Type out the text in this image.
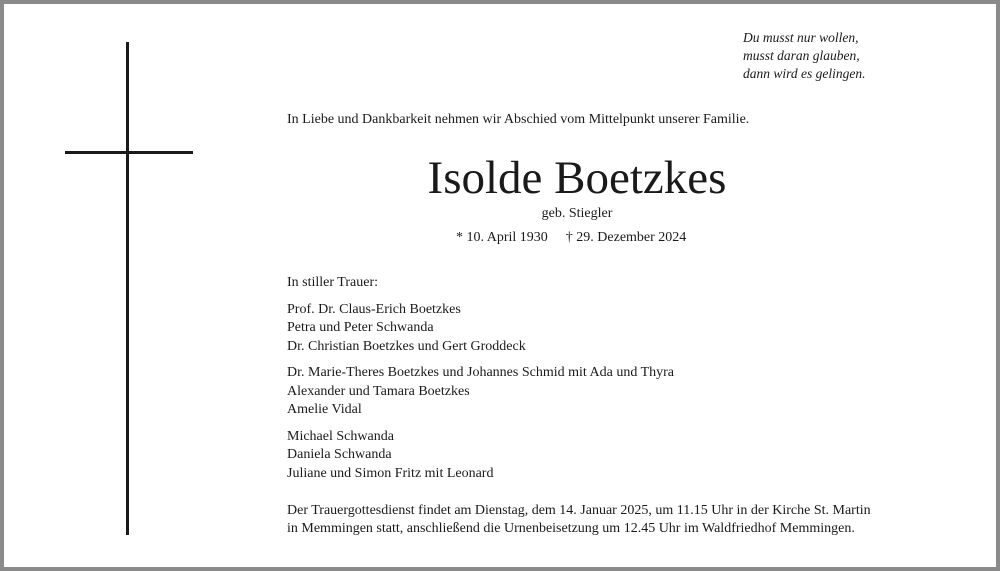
Du musst nur wollen,
musst daran glauben,
dann wird es gelingen.
In Liebe und Dankbarkeit nehmen wir Abschied vom Mittelpunkt unserer Familie.
Isolde Boetzkes
geb. Stiegler
* 10. April 1930 † 29. Dezember 2024
In stiller Trauer:
Prof. Dr. Claus-Erich Boetzkes
Petra und Peter Schwanda
Dr. Christian Boetzkes und Gert Groddeck
Dr. Marie-Theres Boetzkes und Johannes Schmid mit Ada und Thyra
Alexander und Tamara Boetzkes
Amelie Vidal
Michael Schwanda
Daniela Schwanda
Juliane und Simon Fritz mit Leonard
Der Trauergottesdienst findet am Dienstag, dem 14. Januar 2025, um 11.15 Uhr in der Kirche St. Martin
in Memmingen statt, anschließend die Urnenbeisetzung um 12.45 Uhr im Waldfriedhof Memmingen.
